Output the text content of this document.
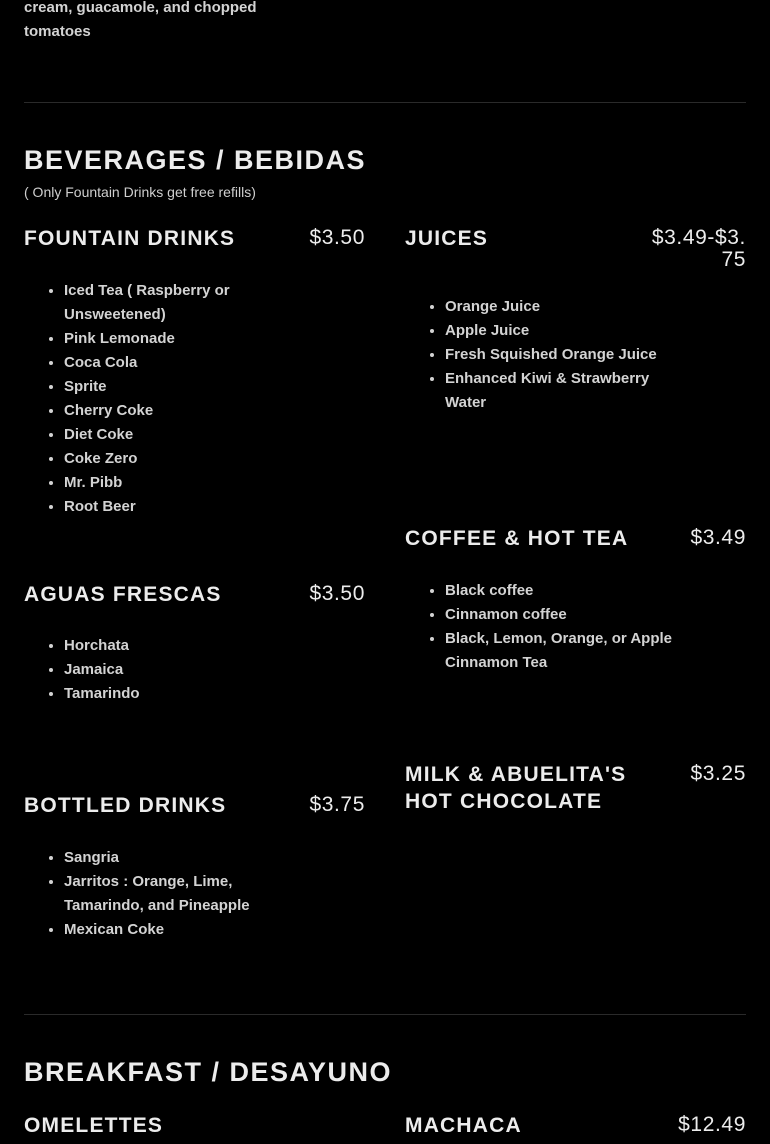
cream, guacamole, and chopped tomatoes
BEVERAGES / BEBIDAS
( Only Fountain Drinks get free refills)
FOUNTAIN DRINKS	$3.50
• Iced Tea ( Raspberry or Unsweetened)
• Pink Lemonade
• Coca Cola
• Sprite
• Cherry Coke
• Diet Coke
• Coke Zero
• Mr. Pibb
• Root Beer
JUICES	$3.49-$3.75
• Orange Juice
• Apple Juice
• Fresh Squished Orange Juice
• Enhanced Kiwi & Strawberry Water
COFFEE & HOT TEA	$3.49
• Black coffee
• Cinnamon coffee
• Black, Lemon, Orange, or Apple Cinnamon Tea
AGUAS FRESCAS	$3.50
• Horchata
• Jamaica
• Tamarindo
MILK & ABUELITA'S HOT CHOCOLATE
$3.25
BOTTLED DRINKS	$3.75
• Sangria
• Jarritos : Orange, Lime, Tamarindo, and Pineapple
• Mexican Coke
BREAKFAST / DESAYUNO
OMELETTES	MACHACA	$12.49
